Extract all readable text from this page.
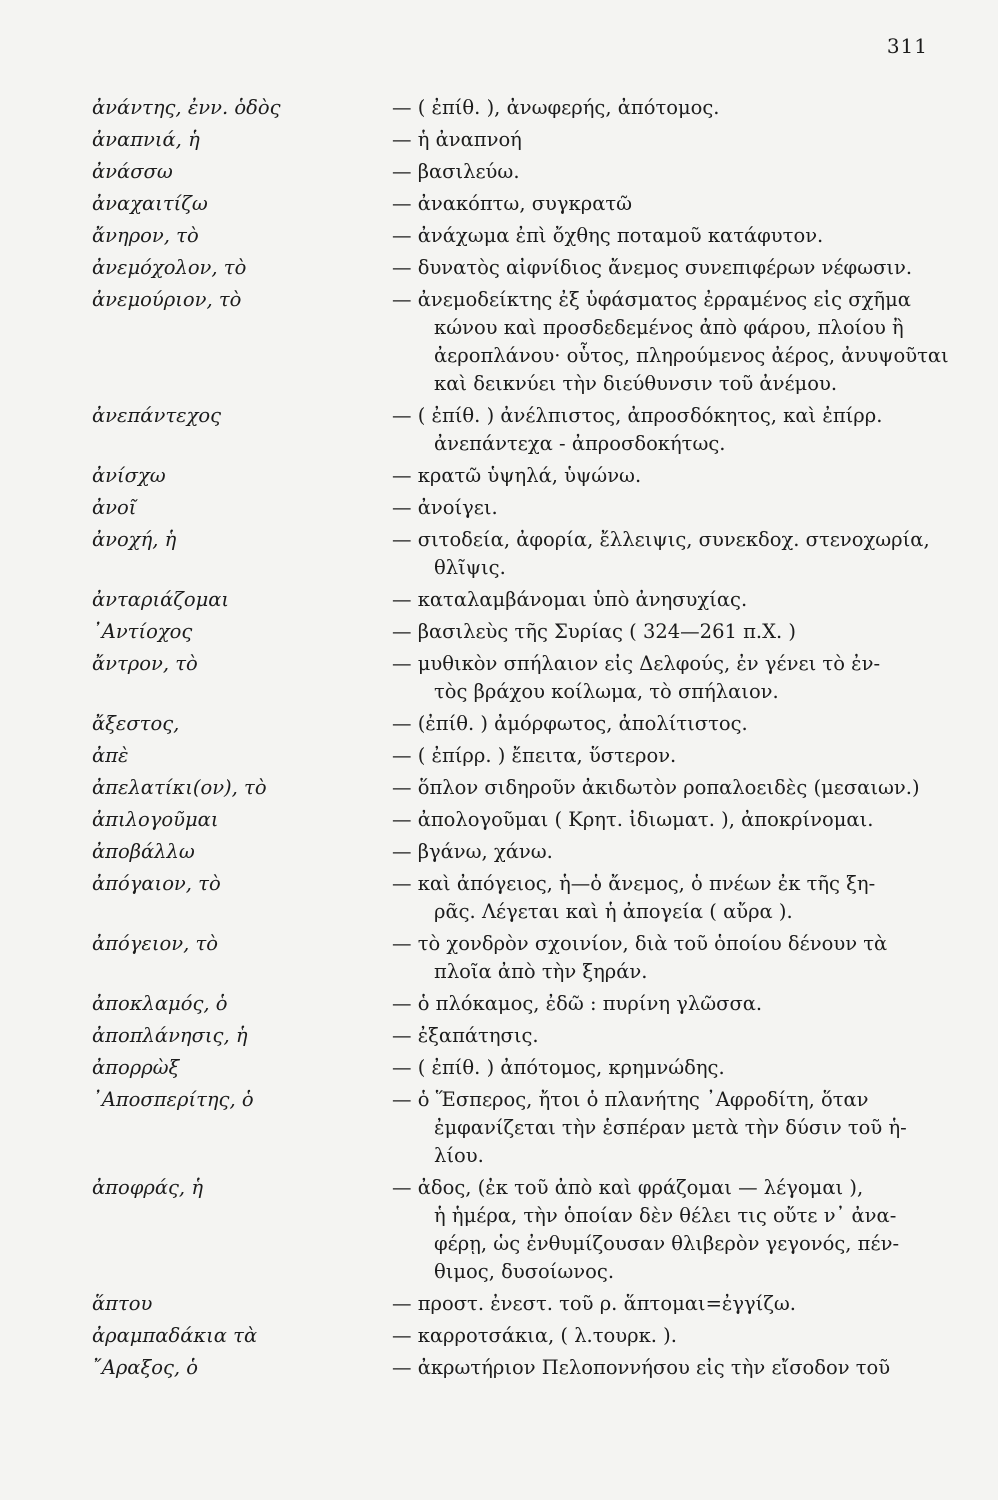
311
ἀνάντης, ἐνν. ὁδὸς	— ( ἐπίθ. ), ἀνωφερής, ἀπότομος.
ἀναπνιά, ἡ	— ἡ ἀναπνοή
ἀνάσσω	— βασιλεύω.
ἀναχαιτίζω	— ἀνακόπτω, συγκρατῶ
ἄνηρον, τὸ	— ἀνάχωμα ἐπὶ ὄχθης ποταμοῦ κατάφυτον.
ἀνεμόχολον, τὸ	— δυνατὸς αἰφνίδιος ἄνεμος συνεπιφέρων νέφωσιν.
ἀνεμούριον, τὸ	— ἀνεμοδείκτης ἐξ ὑφάσματος ἐρραμένος εἰς σχῆμα
κώνου καὶ προσδεδεμένος ἀπὸ φάρου, πλοίου ἢ
ἀεροπλάνου· οὗτος, πληρούμενος ἀέρος, ἀνυψοῦται
καὶ δεικνύει τὴν διεύθυνσιν τοῦ ἀνέμου.
ἀνεπάντεχος	— ( ἐπίθ. ) ἀνέλπιστος, ἀπροσδόκητος, καὶ ἐπίρρ.
ἀνεπάντεχα - ἀπροσδοκήτως.
ἀνίσχω	— κρατῶ ὑψηλά, ὑψώνω.
ἀνοῖ	— ἀνοίγει.
ἀνοχή, ἡ	— σιτοδεία, ἀφορία, ἔλλειψις, συνεκδοχ. στενοχωρία,
θλῖψις.
ἀνταριάζομαι	— καταλαμβάνομαι ὑπὸ ἀνησυχίας.
᾿Αντίοχος	— βασιλεὺς τῆς Συρίας ( 324—261 π.Χ. )
ἄντρον, τὸ	— μυθικὸν σπήλαιον εἰς Δελφούς, ἐν γένει τὸ ἐν-
τὸς βράχου κοίλωμα, τὸ σπήλαιον.
ἄξεστος,	— (ἐπίθ. ) ἀμόρφωτος, ἀπολίτιστος.
ἀπὲ	— ( ἐπίρρ. ) ἔπειτα, ὕστερον.
ἀπελατίκι(ον), τὸ	— ὅπλον σιδηροῦν ἀκιδωτὸν ροπαλοειδὲς (μεσαιων.)
ἀπιλογοῦμαι	— ἀπολογοῦμαι ( Κρητ. ἰδιωματ. ), ἀποκρίνομαι.
ἀποβάλλω	— βγάνω, χάνω.
ἀπόγαιον, τὸ	— καὶ ἀπόγειος, ἡ—ὁ ἄνεμος, ὁ πνέων ἐκ τῆς ξη-
ρᾶς. Λέγεται καὶ ἡ ἀπογεία ( αὔρα ).
ἀπόγειον, τὸ	— τὸ χονδρὸν σχοινίον, διὰ τοῦ ὁποίου δένουν τὰ
πλοῖα ἀπὸ τὴν ξηράν.
ἀποκλαμός, ὁ	— ὁ πλόκαμος, ἐδῶ : πυρίνη γλῶσσα.
ἀποπλάνησις, ἡ	— ἐξαπάτησις.
ἀπορρὼξ	— ( ἐπίθ. ) ἀπότομος, κρημνώδης.
᾿Αποσπερίτης, ὁ	— ὁ Ἕσπερος, ἤτοι ὁ πλανήτης ᾿Αφροδίτη, ὅταν
ἐμφανίζεται τὴν ἑσπέραν μετὰ τὴν δύσιν τοῦ ἡ-
λίου.
ἀποφράς, ἡ	— ἀδος, (ἐκ τοῦ ἀπὸ καὶ φράζομαι — λέγομαι ),
ἡ ἡμέρα, τὴν ὁποίαν δὲν θέλει τις οὔτε ν᾿ ἀνα-
φέρῃ, ὡς ἐνθυμίζουσαν θλιβερὸν γεγονός, πέν-
θιμος, δυσοίωνος.
ἅπτου	— προστ. ἐνεστ. τοῦ ρ. ἅπτομαι=ἐγγίζω.
ἀραμπαδάκια τὰ	— καρροτσάκια, ( λ.τουρκ. ).
῎Αραξος, ὁ	— ἀκρωτήριον Πελοποννήσου εἰς τὴν εἴσοδον τοῦ
